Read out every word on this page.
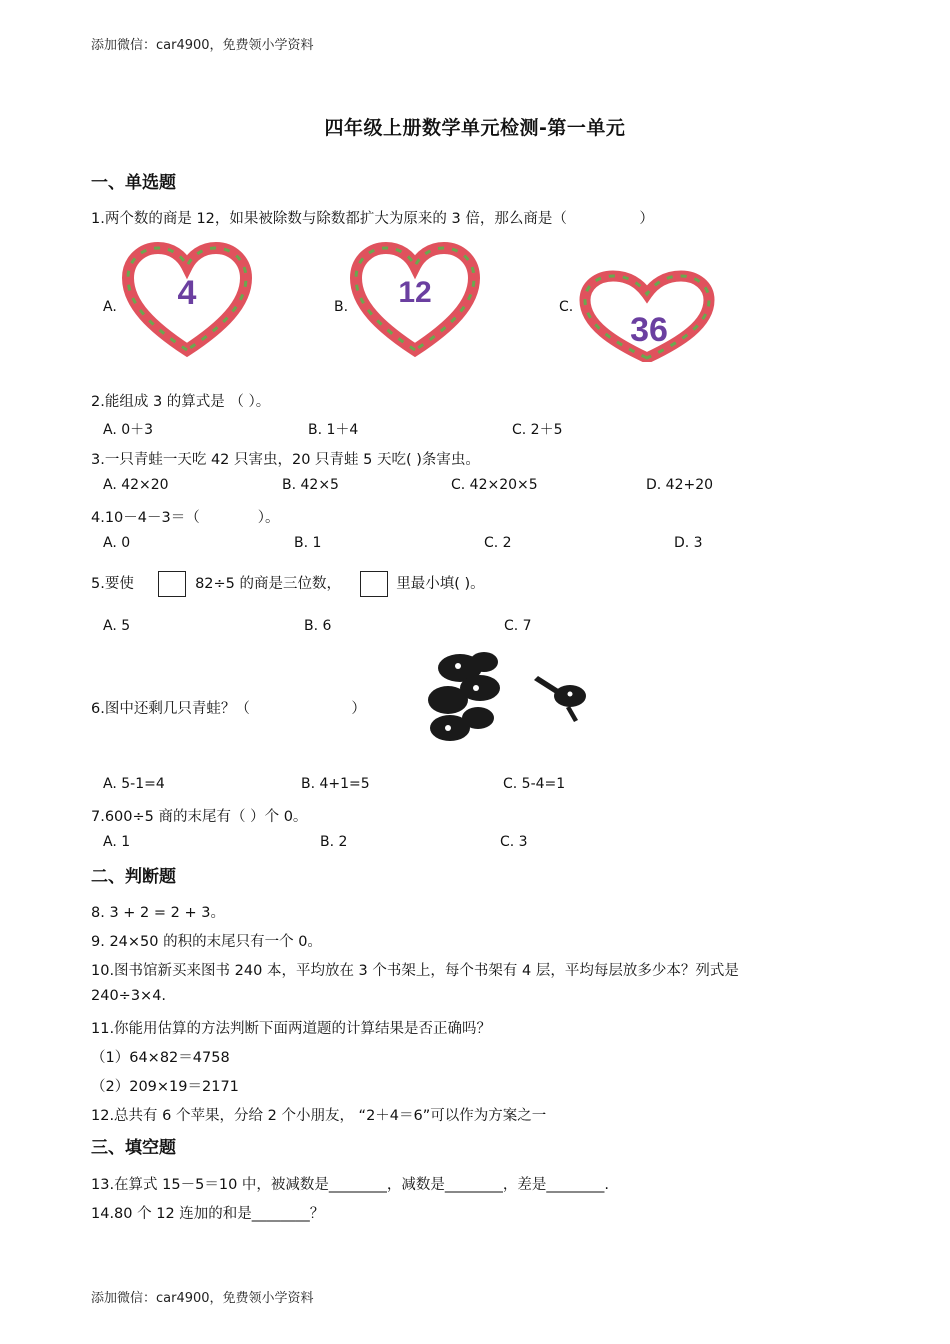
添加微信：car4900，免费领小学资料
四年级上册数学单元检测-第一单元
一、单选题
1.两个数的商是 12，如果被除数与除数都扩大为原来的 3 倍，那么商是（　　　　　）
A. 4	B. 12	C.
36
2.能组成 3 的算式是 （ ）。
A. 0＋3	B. 1＋4	C. 2＋5
3.一只青蛙一天吃 42 只害虫，20 只青蛙 5 天吃( )条害虫。
A. 42×20	B. 42×5	C. 42×20×5	D. 42+20
4.10－4－3＝（　　　　）。
A. 0	B. 1	C. 2	D. 3
5.要使	82÷5 的商是三位数，	里最小填( )。
A. 5	B. 6	C. 7
6.图中还剩几只青蛙？（　　　　　　　）
A. 5-1=4	B. 4+1=5	C. 5-4=1
7.600÷5 商的末尾有（ ）个 0。
A. 1	B. 2	C. 3
二、判断题
8. 3 + 2 = 2 + 3。
9. 24×50 的积的末尾只有一个 0。
10.图书馆新买来图书 240 本，平均放在 3 个书架上，每个书架有 4 层，平均每层放多少本？列式是
240÷3×4.
11.你能用估算的方法判断下面两道题的计算结果是否正确吗？
（1）64×82＝4758
（2）209×19＝2171
12.总共有 6 个苹果，分给 2 个小朋友， “2＋4＝6”可以作为方案之一
三、填空题
13.在算式 15－5＝10 中，被减数是________，减数是________，差是________.
14.80 个 12 连加的和是________？
添加微信：car4900，免费领小学资料
